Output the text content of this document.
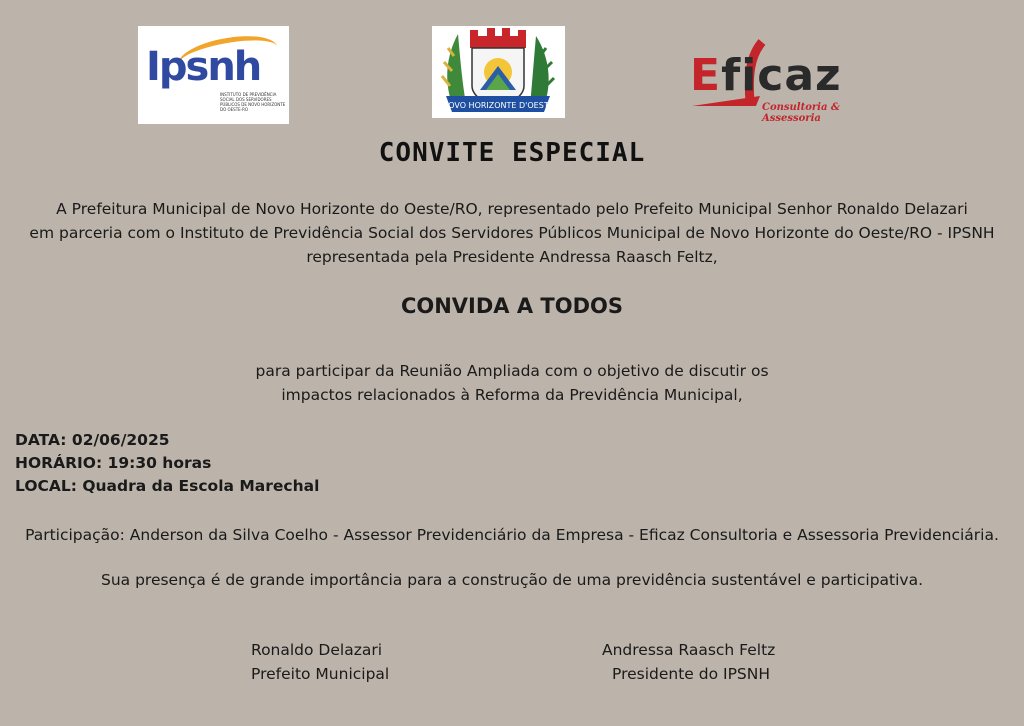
Ipsnh
INSTITUTO DE PREVIDÊNCIA SOCIAL DOS SERVIDORES PÚBLICOS DE NOVO HORIZONTE DO OESTE-RO	NOVO HORIZONTE D'OESTE
Eficaz
Consultoria & Assessoria
CONVITE ESPECIAL
A Prefeitura Municipal de Novo Horizonte do Oeste/RO, representado pelo Prefeito Municipal Senhor Ronaldo Delazari
em parceria com o Instituto de Previdência Social dos Servidores Públicos Municipal de Novo Horizonte do Oeste/RO - IPSNH
representada pela Presidente Andressa Raasch Feltz,
CONVIDA A TODOS
para participar da Reunião Ampliada com o objetivo de discutir os
impactos relacionados à Reforma da Previdência Municipal,
DATA: 02/06/2025
HORÁRIO: 19:30 horas
LOCAL: Quadra da Escola Marechal
Participação: Anderson da Silva Coelho - Assessor Previdenciário da Empresa - Eficaz Consultoria e Assessoria Previdenciária.
Sua presença é de grande importância para a construção de uma previdência sustentável e participativa.
Ronaldo Delazari
Prefeito Municipal
Andressa Raasch Feltz
Presidente do IPSNH
